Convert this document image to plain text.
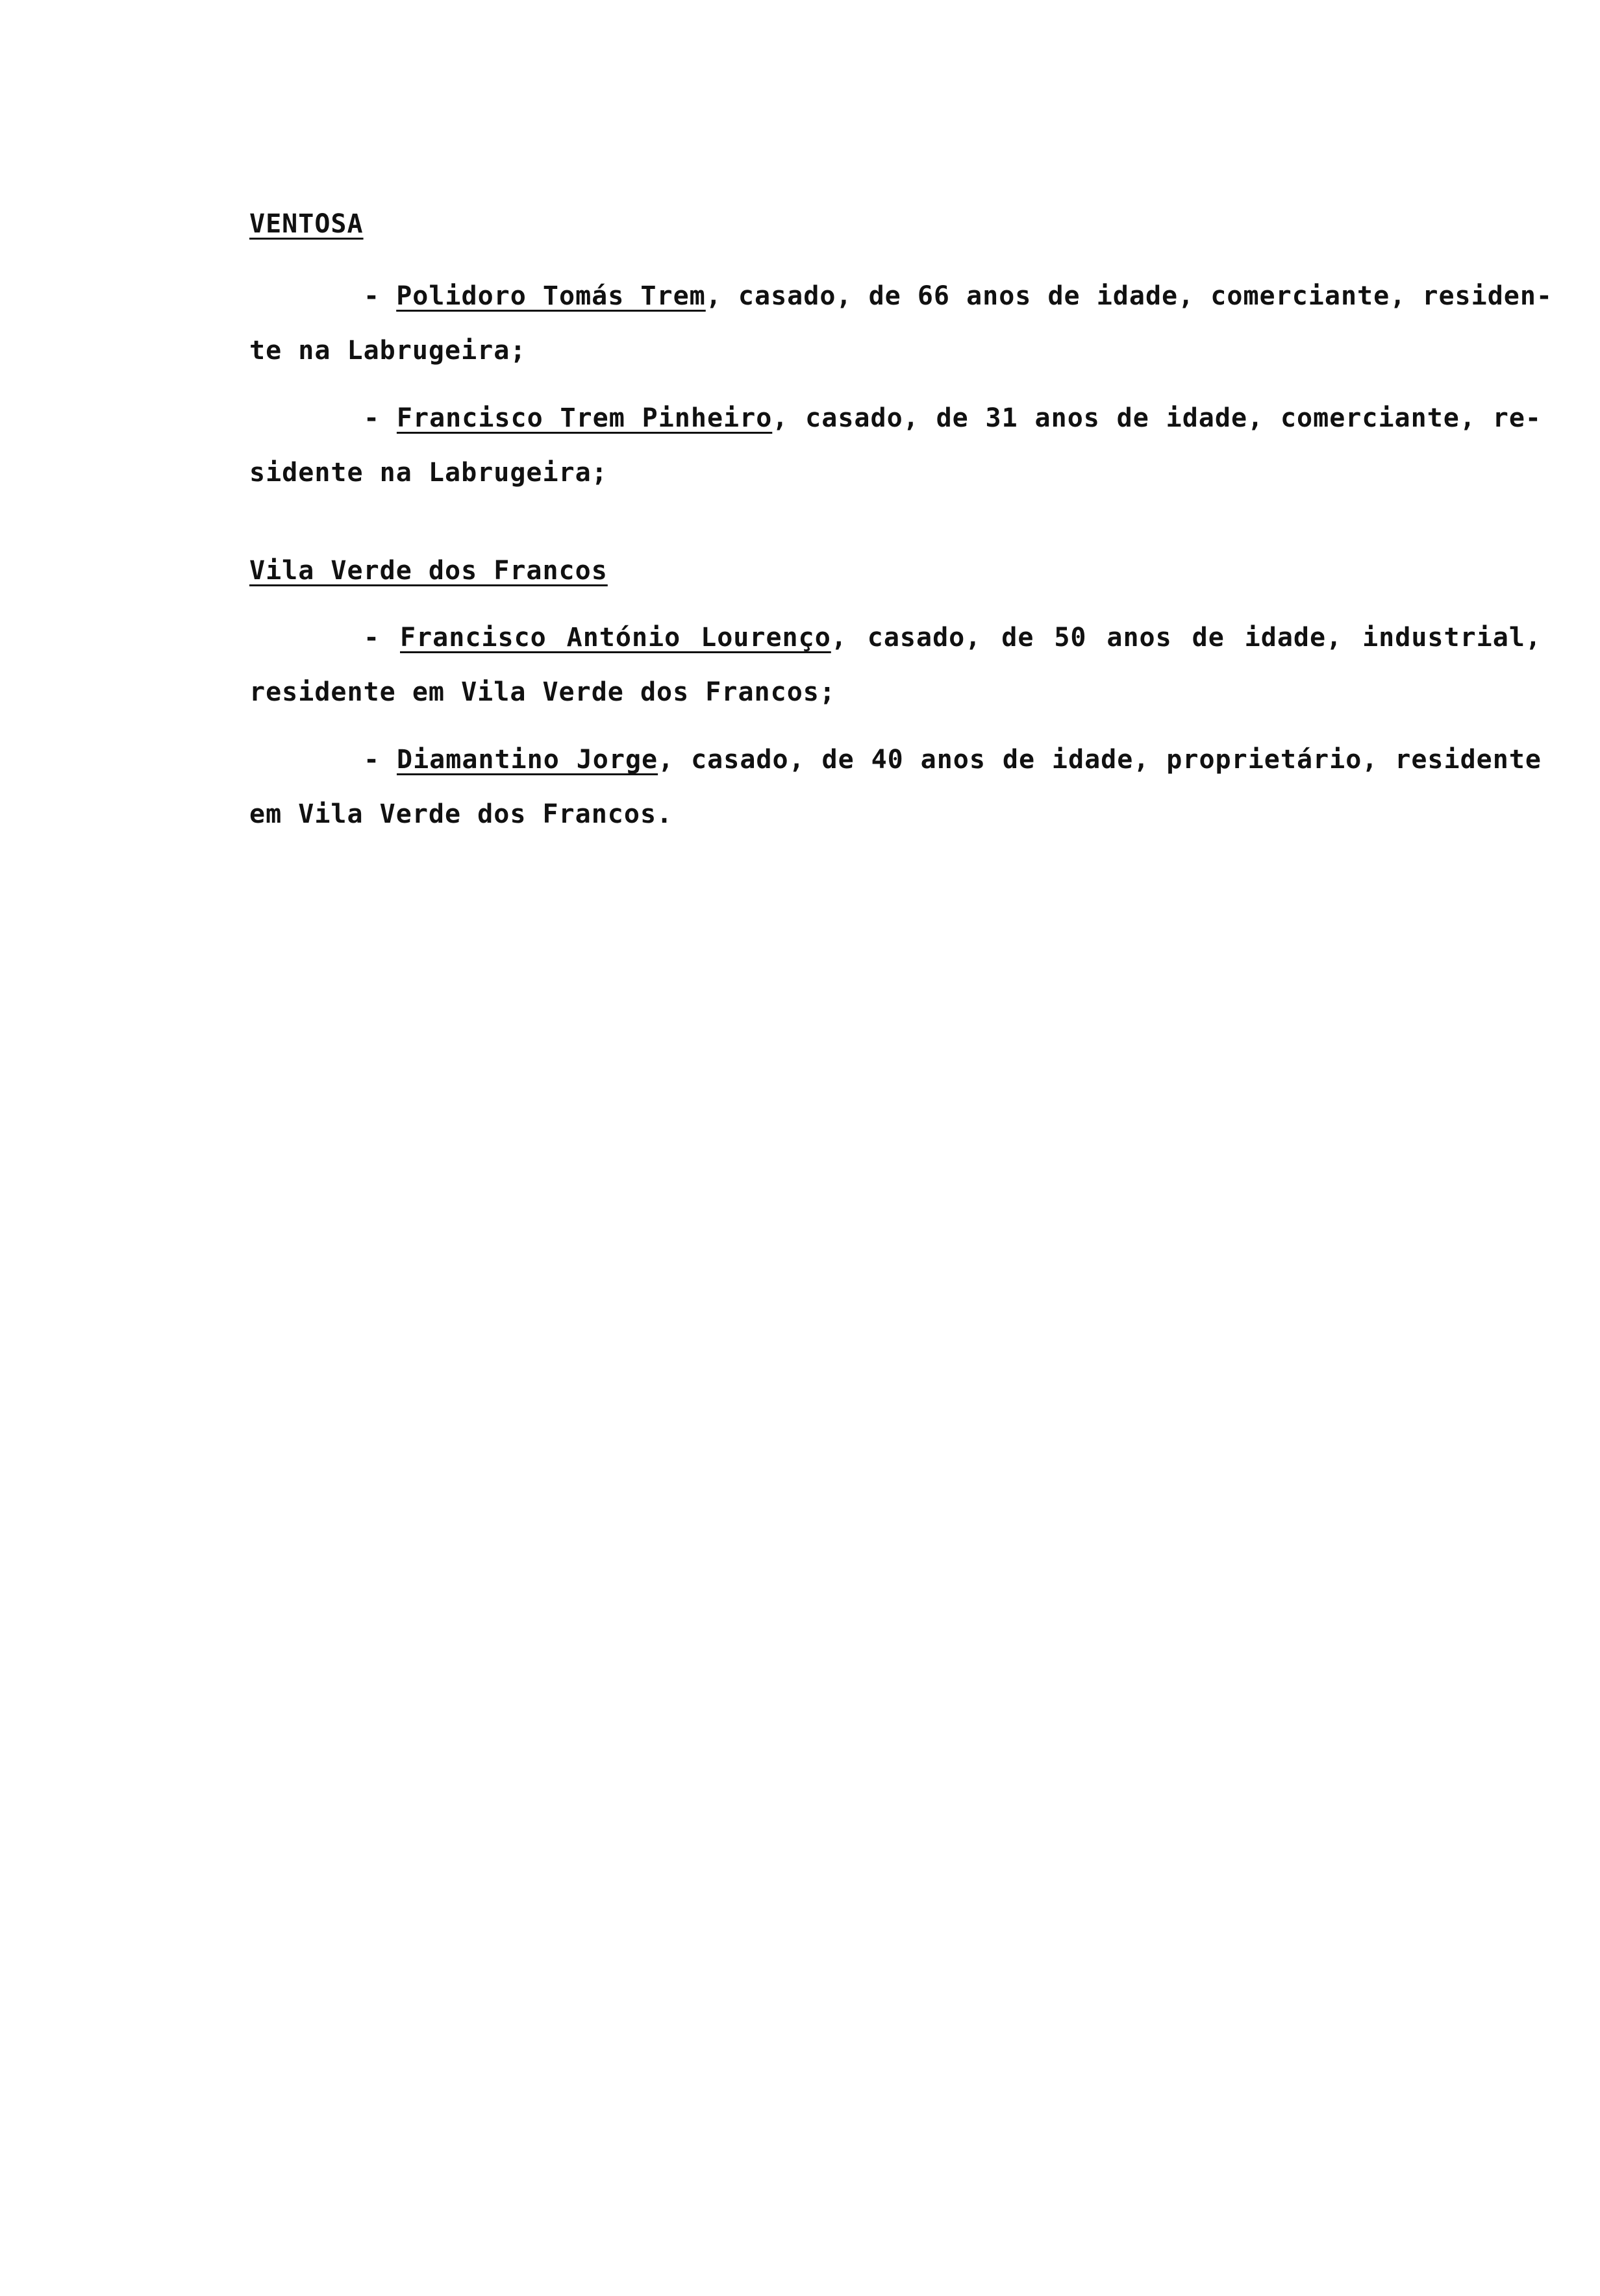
VENTOSA
- Polidoro Tomás Trem, casado, de 66 anos de idade, comerciante, residen-
te na Labrugeira;
- Francisco Trem Pinheiro, casado, de 31 anos de idade, comerciante, re-
sidente na Labrugeira;
Vila Verde dos Francos
- Francisco António Lourenço, casado, de 50 anos de idade, industrial,
residente em Vila Verde dos Francos;
- Diamantino Jorge, casado, de 40 anos de idade, proprietário, residente
em Vila Verde dos Francos.
